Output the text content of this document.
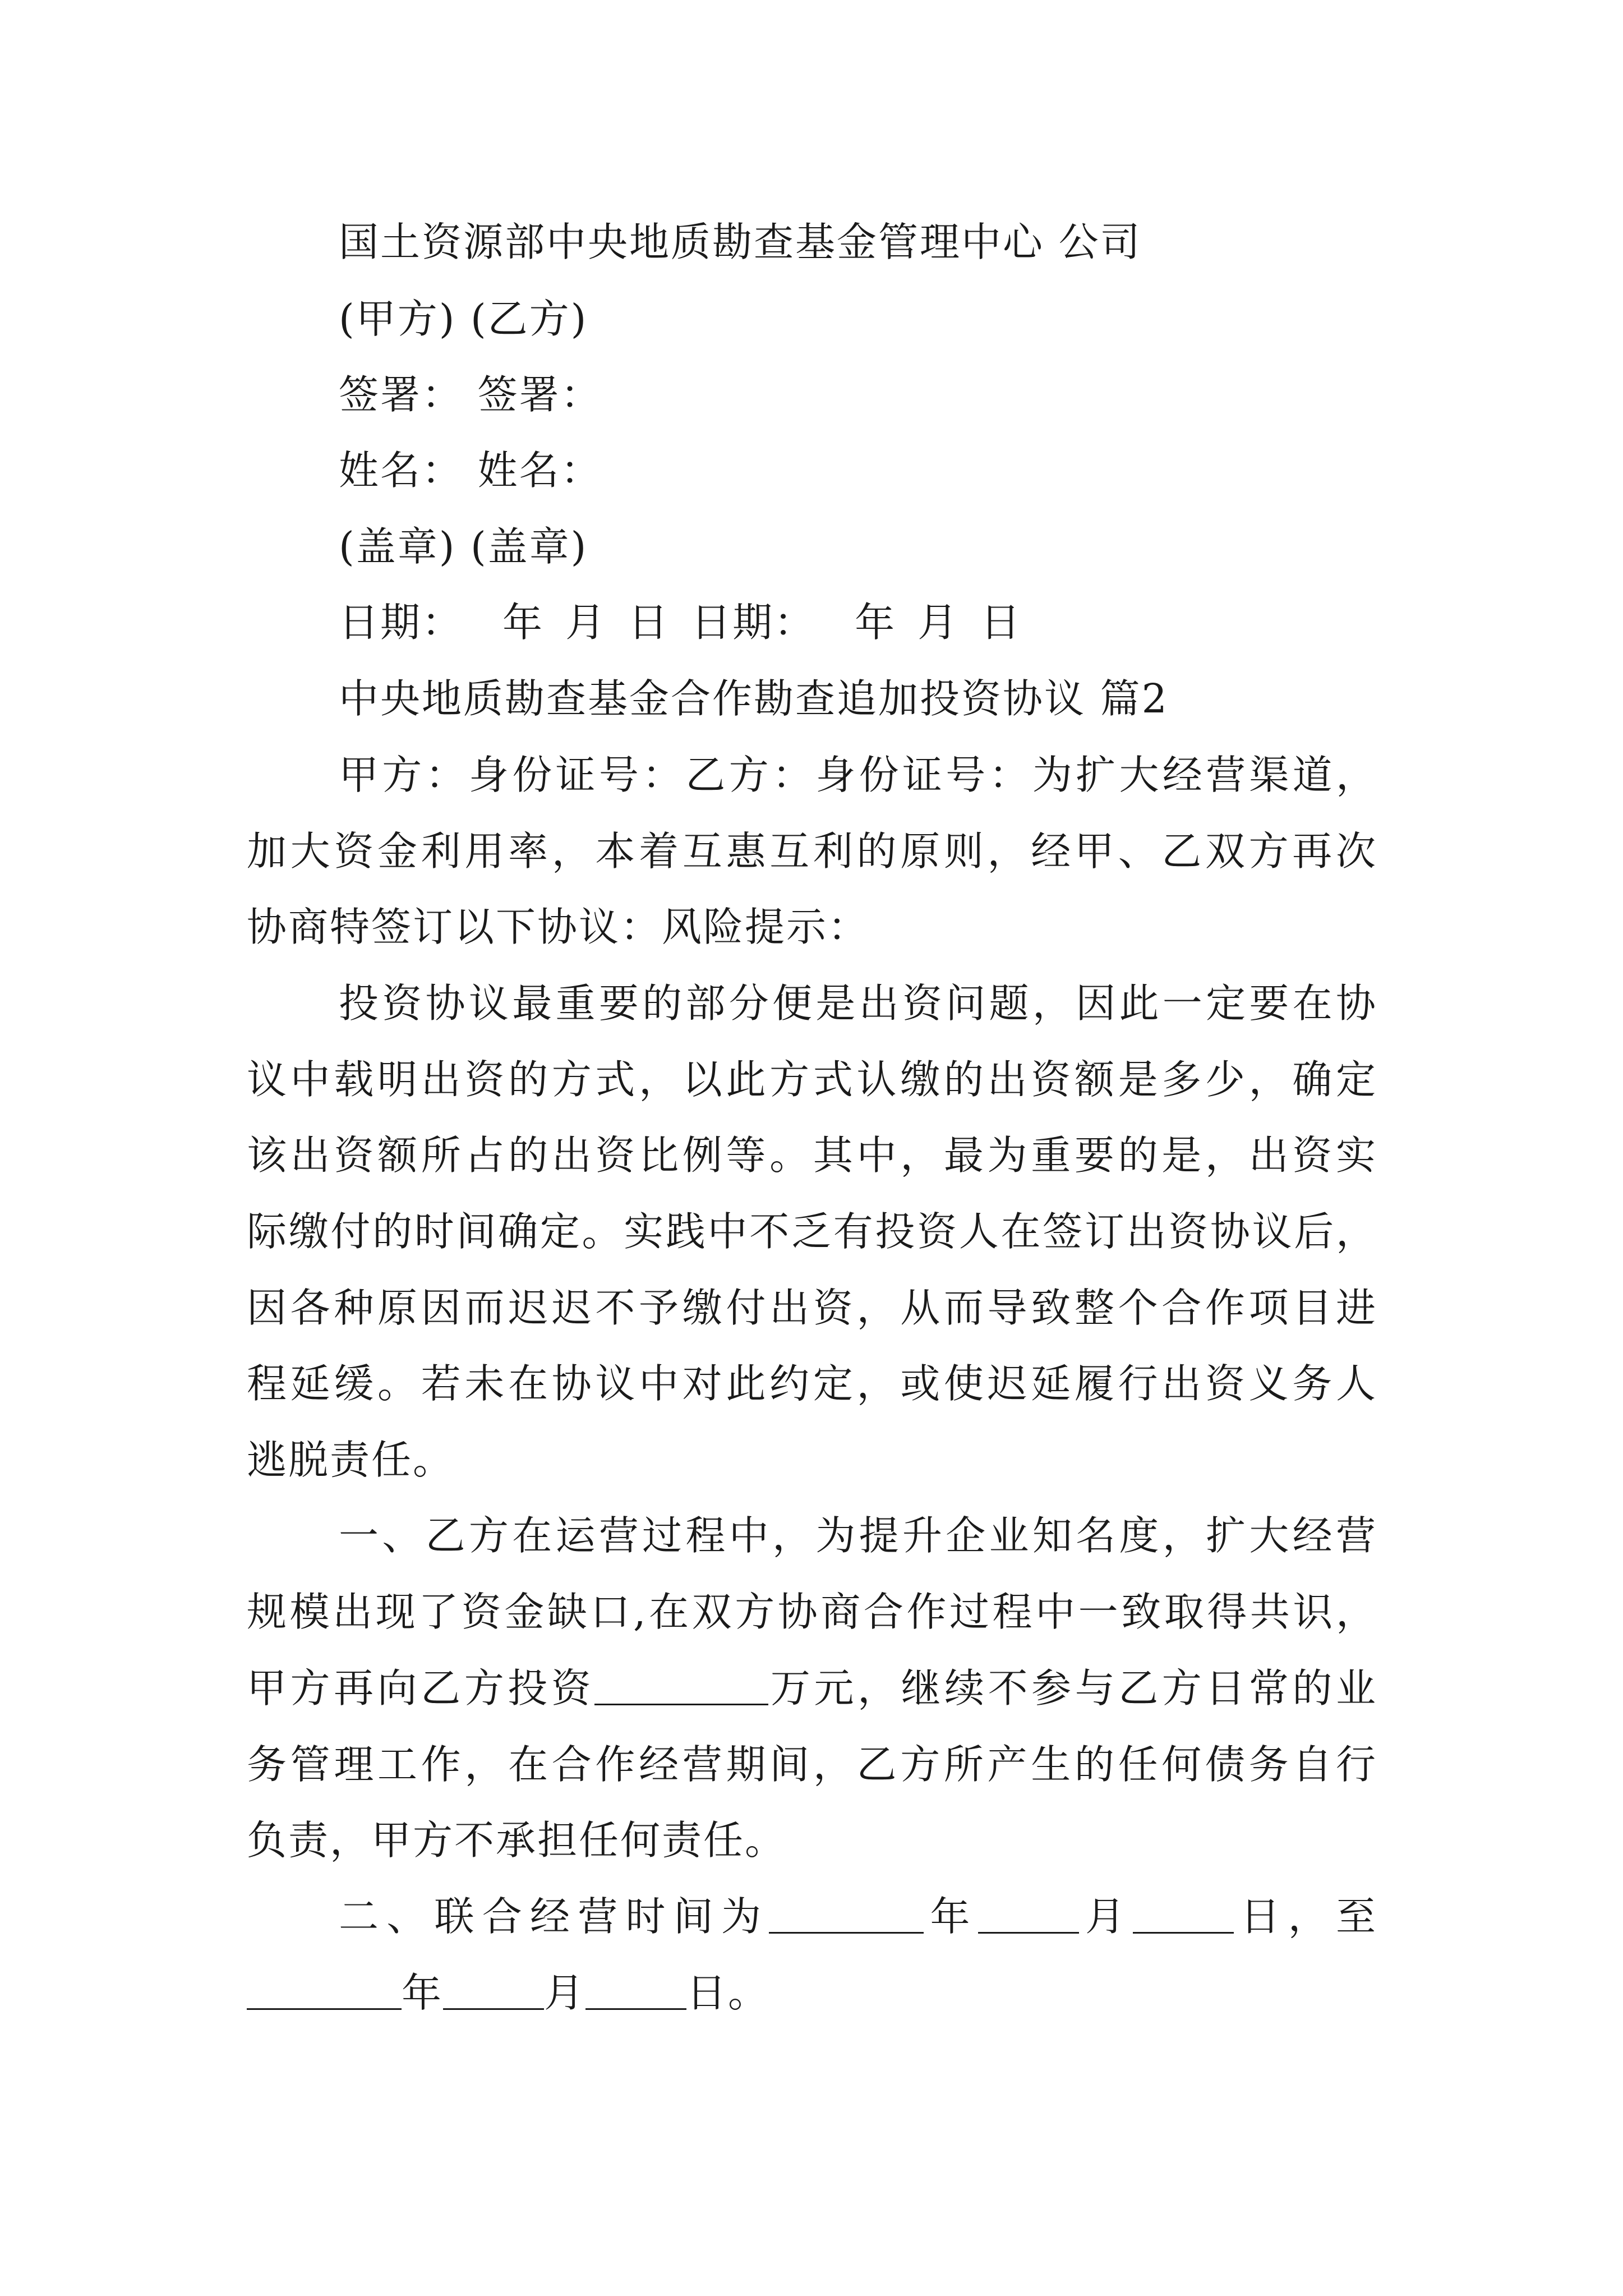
国土资源部中央地质勘查基金管理中心 公司
(甲方) (乙方)
签署： 签署：
姓名： 姓名：
(盖章) (盖章)
日期： 年 月 日 日期： 年 月 日
中央地质勘查基金合作勘查追加投资协议 篇2
甲方：身份证号：乙方：身份证号：为扩大经营渠道，
加大资金利用率，本着互惠互利的原则，经甲、乙双方再次
协商特签订以下协议：风险提示：
投资协议最重要的部分便是出资问题，因此一定要在协
议中载明出资的方式，以此方式认缴的出资额是多少，确定
该出资额所占的出资比例等。其中，最为重要的是，出资实
际缴付的时间确定。实践中不乏有投资人在签订出资协议后，
因各种原因而迟迟不予缴付出资，从而导致整个合作项目进
程延缓。若未在协议中对此约定，或使迟延履行出资义务人
逃脱责任。
一、乙方在运营过程中，为提升企业知名度，扩大经营
规模出现了资金缺口,在双方协商合作过程中一致取得共识，
甲方再向乙方投资	万元，继续不参与乙方日常的业
务管理工作，在合作经营期间，乙方所产生的任何债务自行
负责，甲方不承担任何责任。
二、联合经营时间为	年	月	日，至
年	月	日。
